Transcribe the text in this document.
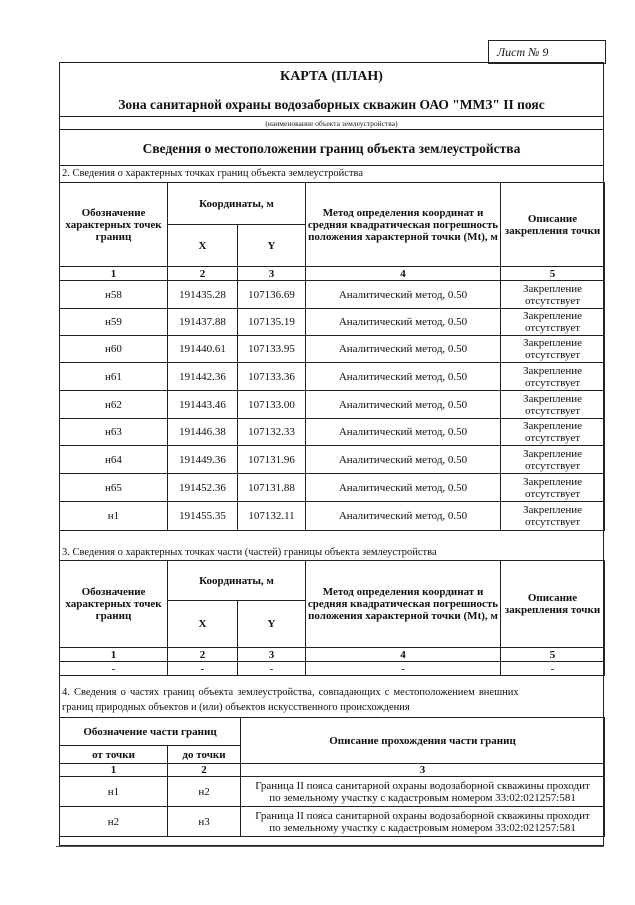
Лист № 9
КАРТА (ПЛАН)
Зона санитарной охраны водозаборных скважин ОАО "ММЗ" II пояс
(наименование объекта землеустройства)
Сведения о местоположении границ объекта землеустройства
2. Сведения о характерных точках границ объекта землеустройства
Обозначение характерных точек границ	Координаты, м		Метод определения координат и средняя квадратическая погрешность положения характерной точки (Mt), м	Описание закрепления точки
	X	Y		
1	2	3	4	5
н58	191435.28	107136.69	Аналитический метод, 0.50	Закрепление отсутствует
н59	191437.88	107135.19	Аналитический метод, 0.50	Закрепление отсутствует
н60	191440.61	107133.95	Аналитический метод, 0.50	Закрепление отсутствует
н61	191442.36	107133.36	Аналитический метод, 0.50	Закрепление отсутствует
н62	191443.46	107133.00	Аналитический метод, 0.50	Закрепление отсутствует
н63	191446.38	107132.33	Аналитический метод, 0.50	Закрепление отсутствует
н64	191449.36	107131.96	Аналитический метод, 0.50	Закрепление отсутствует
н65	191452.36	107131.88	Аналитический метод, 0.50	Закрепление отсутствует
н1	191455.35	107132.11	Аналитический метод, 0.50	Закрепление отсутствует
3. Сведения о характерных точках части (частей) границы объекта землеустройства
Обозначение характерных точек границ	Координаты, м		Метод определения координат и средняя квадратическая погрешность положения характерной точки (Mt), м	Описание закрепления точки
	X	Y		
1	2	3	4	5
-	-	-	-	-
4. Сведения о частях границ объекта землеустройства, совпадающих с местоположением внешних
границ природных объектов и (или) объектов искусственного происхождения
Обозначение части границ		Описание прохождения части границ
от точки	до точки	
1	2	3
н1	н2	Граница II пояса санитарной охраны водозаборной скважины проходит
по земельному участку с кадастровым номером 33:02:021257:581
н2	н3	Граница II пояса санитарной охраны водозаборной скважины проходит
по земельному участку с кадастровым номером 33:02:021257:581
